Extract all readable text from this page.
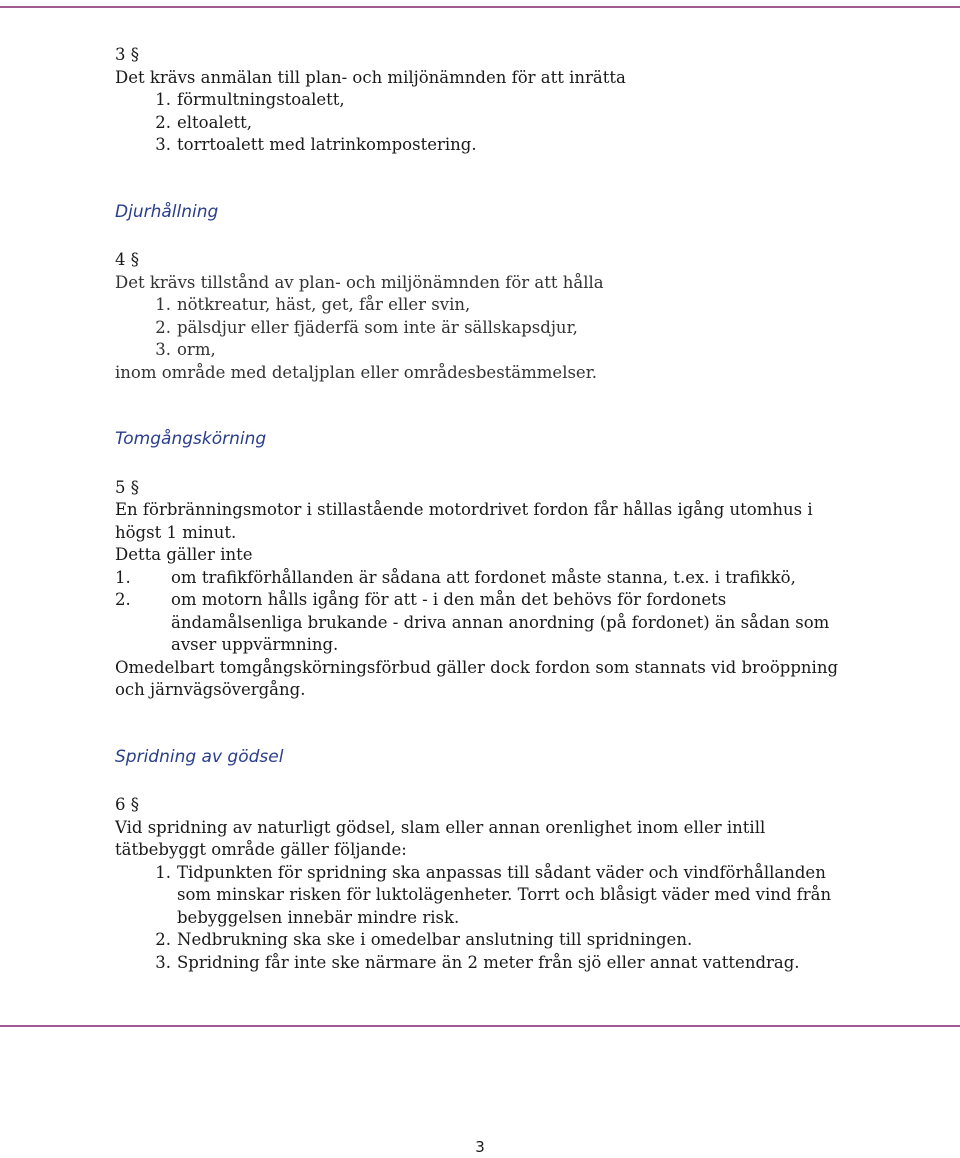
3 §

Det krävs anmälan till plan- och miljönämnden för att inrätta

1. förmultningstoalett,
2. eltoalett,
3. torrtoalett med latrinkompostering.

Djurhållning

4 §

Det krävs tillstånd av plan- och miljönämnden för att hålla

1. nötkreatur, häst, get, får eller svin,
2. pälsdjur eller fjäderfä som inte är sällskapsdjur,
3. orm,

inom område med detaljplan eller områdesbestämmelser.

Tomgångskörning

5 §

En förbränningsmotor i stillastående motordrivet fordon får hållas igång utomhus i högst 1 minut.

Detta gäller inte

1.	om trafikförhållanden är sådana att fordonet måste stanna, t.ex. i trafikkö,
2.	om motorn hålls igång för att - i den mån det behövs för fordonets ändamålsenliga brukande - driva annan anordning (på fordonet) än sådan som avser uppvärmning.

Omedelbart tomgångskörningsförbud gäller dock fordon som stannats vid broöppning och järnvägsövergång.

Spridning av gödsel

6 §

Vid spridning av naturligt gödsel, slam eller annan orenlighet inom eller intill tätbebyggt område gäller följande:

1. Tidpunkten för spridning ska anpassas till sådant väder och vindförhållanden som minskar risken för luktolägenheter. Torrt och blåsigt väder med vind från bebyggelsen innebär mindre risk.
2. Nedbrukning ska ske i omedelbar anslutning till spridningen.
3. Spridning får inte ske närmare än 2 meter från sjö eller annat vattendrag.
3
